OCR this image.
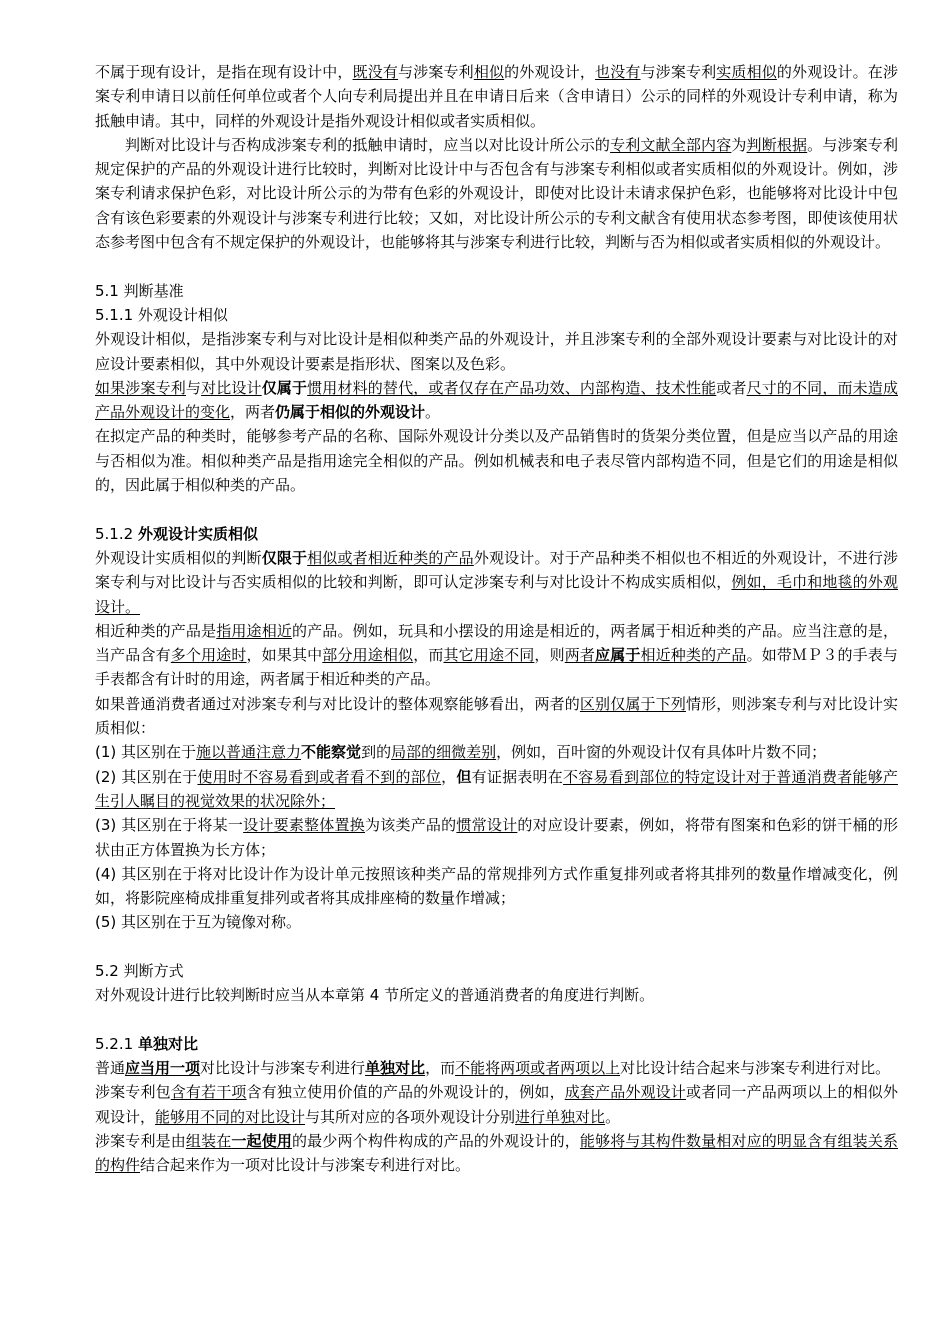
不属于现有设计，是指在现有设计中，既没有与涉案专利相似的外观设计，也没有与涉案专利实质相似的外观设计。在涉案专利申请日以前任何单位或者个人向专利局提出并且在申请日后来（含申请日）公示的同样的外观设计专利申请，称为抵触申请。其中，同样的外观设计是指外观设计相似或者实质相似。

判断对比设计与否构成涉案专利的抵触申请时，应当以对比设计所公示的专利文献全部内容为判断根据。与涉案专利规定保护的产品的外观设计进行比较时，判断对比设计中与否包含有与涉案专利相似或者实质相似的外观设计。例如，涉案专利请求保护色彩，对比设计所公示的为带有色彩的外观设计，即使对比设计未请求保护色彩，也能够将对比设计中包含有该色彩要素的外观设计与涉案专利进行比较；又如，对比设计所公示的专利文献含有使用状态参考图，即使该使用状态参考图中包含有不规定保护的外观设计，也能够将其与涉案专利进行比较，判断与否为相似或者实质相似的外观设计。

5.1 判断基准

5.1.1 外观设计相似

外观设计相似，是指涉案专利与对比设计是相似种类产品的外观设计，并且涉案专利的全部外观设计要素与对比设计的对应设计要素相似，其中外观设计要素是指形状、图案以及色彩。

如果涉案专利与对比设计仅属于惯用材料的替代，或者仅存在产品功效、内部构造、技术性能或者尺寸的不同，而未造成产品外观设计的变化，两者仍属于相似的外观设计。

在拟定产品的种类时，能够参考产品的名称、国际外观设计分类以及产品销售时的货架分类位置，但是应当以产品的用途与否相似为准。相似种类产品是指用途完全相似的产品。例如机械表和电子表尽管内部构造不同，但是它们的用途是相似的，因此属于相似种类的产品。

5.1.2 外观设计实质相似

外观设计实质相似的判断仅限于相似或者相近种类的产品外观设计。对于产品种类不相似也不相近的外观设计，不进行涉案专利与对比设计与否实质相似的比较和判断，即可认定涉案专利与对比设计不构成实质相似，例如，毛巾和地毯的外观设计。

相近种类的产品是指用途相近的产品。例如，玩具和小摆设的用途是相近的，两者属于相近种类的产品。应当注意的是，当产品含有多个用途时，如果其中部分用途相似，而其它用途不同，则两者应属于相近种类的产品。如带ＭＰ３的手表与手表都含有计时的用途，两者属于相近种类的产品。

如果普通消费者通过对涉案专利与对比设计的整体观察能够看出，两者的区别仅属于下列情形，则涉案专利与对比设计实质相似：

(1) 其区别在于施以普通注意力不能察觉到的局部的细微差别，例如，百叶窗的外观设计仅有具体叶片数不同；

(2) 其区别在于使用时不容易看到或者看不到的部位，但有证据表明在不容易看到部位的特定设计对于普通消费者能够产生引人瞩目的视觉效果的状况除外；

(3) 其区别在于将某一设计要素整体置换为该类产品的惯常设计的对应设计要素，例如，将带有图案和色彩的饼干桶的形状由正方体置换为长方体；

(4) 其区别在于将对比设计作为设计单元按照该种类产品的常规排列方式作重复排列或者将其排列的数量作增减变化，例如，将影院座椅成排重复排列或者将其成排座椅的数量作增减；

(5) 其区别在于互为镜像对称。

5.2 判断方式

对外观设计进行比较判断时应当从本章第 4 节所定义的普通消费者的角度进行判断。

5.2.1 单独对比

普通应当用一项对比设计与涉案专利进行单独对比，而不能将两项或者两项以上对比设计结合起来与涉案专利进行对比。

涉案专利包含有若干项含有独立使用价值的产品的外观设计的，例如，成套产品外观设计或者同一产品两项以上的相似外观设计，能够用不同的对比设计与其所对应的各项外观设计分别进行单独对比。

涉案专利是由组装在一起使用的最少两个构件构成的产品的外观设计的，能够将与其构件数量相对应的明显含有组装关系的构件结合起来作为一项对比设计与涉案专利进行对比。
